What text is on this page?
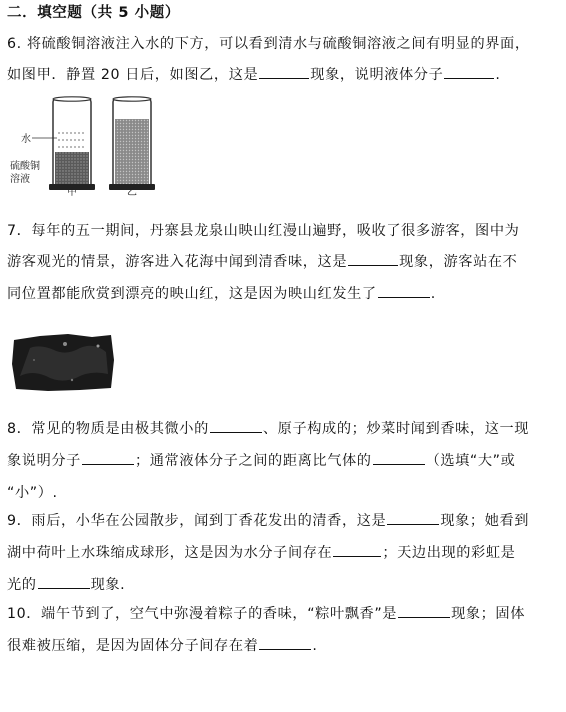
二．填空题（共 5 小题）
6. 将硫酸铜溶液注入水的下方，可以看到清水与硫酸铜溶液之间有明显的界面，
如图甲．静置 20 日后，如图乙，这是	现象，说明液体分子	.
水
硫酸铜
溶液
甲	乙
7．每年的五一期间，丹寨县龙泉山映山红漫山遍野，吸收了很多游客，图中为
游客观光的情景，游客进入花海中闻到清香味，这是	现象，游客站在不
同位置都能欣赏到漂亮的映山红，这是因为映山红发生了	.
8．常见的物质是由极其微小的	、原子构成的；炒菜时闻到香味，这一现
象说明分子	；通常液体分子之间的距离比气体的	（选填“大”或
“小”）.
9．雨后，小华在公园散步，闻到丁香花发出的清香，这是	现象；她看到
湖中荷叶上水珠缩成球形，这是因为水分子间存在	；天边出现的彩虹是
光的	现象.
10．端午节到了，空气中弥漫着粽子的香味，“粽叶飘香”是	现象；固体
很难被压缩，是因为固体分子间存在着	.
